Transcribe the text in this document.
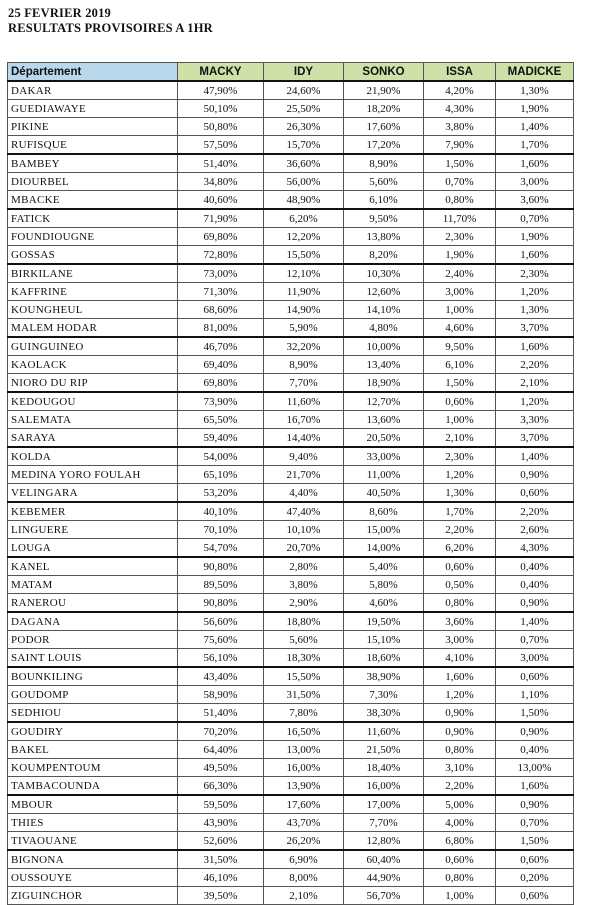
25 FEVRIER 2019
RESULTATS PROVISOIRES A 1HR
Département	MACKY	IDY	SONKO	ISSA	MADICKE
DAKAR	47,90%	24,60%	21,90%	4,20%	1,30%
GUEDIAWAYE	50,10%	25,50%	18,20%	4,30%	1,90%
PIKINE	50,80%	26,30%	17,60%	3,80%	1,40%
RUFISQUE	57,50%	15,70%	17,20%	7,90%	1,70%
BAMBEY	51,40%	36,60%	8,90%	1,50%	1,60%
DIOURBEL	34,80%	56,00%	5,60%	0,70%	3,00%
MBACKE	40,60%	48,90%	6,10%	0,80%	3,60%
FATICK	71,90%	6,20%	9,50%	11,70%	0,70%
FOUNDIOUGNE	69,80%	12,20%	13,80%	2,30%	1,90%
GOSSAS	72,80%	15,50%	8,20%	1,90%	1,60%
BIRKILANE	73,00%	12,10%	10,30%	2,40%	2,30%
KAFFRINE	71,30%	11,90%	12,60%	3,00%	1,20%
KOUNGHEUL	68,60%	14,90%	14,10%	1,00%	1,30%
MALEM HODAR	81,00%	5,90%	4,80%	4,60%	3,70%
GUINGUINEO	46,70%	32,20%	10,00%	9,50%	1,60%
KAOLACK	69,40%	8,90%	13,40%	6,10%	2,20%
NIORO DU RIP	69,80%	7,70%	18,90%	1,50%	2,10%
KEDOUGOU	73,90%	11,60%	12,70%	0,60%	1,20%
SALEMATA	65,50%	16,70%	13,60%	1,00%	3,30%
SARAYA	59,40%	14,40%	20,50%	2,10%	3,70%
KOLDA	54,00%	9,40%	33,00%	2,30%	1,40%
MEDINA YORO FOULAH	65,10%	21,70%	11,00%	1,20%	0,90%
VELINGARA	53,20%	4,40%	40,50%	1,30%	0,60%
KEBEMER	40,10%	47,40%	8,60%	1,70%	2,20%
LINGUERE	70,10%	10,10%	15,00%	2,20%	2,60%
LOUGA	54,70%	20,70%	14,00%	6,20%	4,30%
KANEL	90,80%	2,80%	5,40%	0,60%	0,40%
MATAM	89,50%	3,80%	5,80%	0,50%	0,40%
RANEROU	90,80%	2,90%	4,60%	0,80%	0,90%
DAGANA	56,60%	18,80%	19,50%	3,60%	1,40%
PODOR	75,60%	5,60%	15,10%	3,00%	0,70%
SAINT LOUIS	56,10%	18,30%	18,60%	4,10%	3,00%
BOUNKILING	43,40%	15,50%	38,90%	1,60%	0,60%
GOUDOMP	58,90%	31,50%	7,30%	1,20%	1,10%
SEDHIOU	51,40%	7,80%	38,30%	0,90%	1,50%
GOUDIRY	70,20%	16,50%	11,60%	0,90%	0,90%
BAKEL	64,40%	13,00%	21,50%	0,80%	0,40%
KOUMPENTOUM	49,50%	16,00%	18,40%	3,10%	13,00%
TAMBACOUNDA	66,30%	13,90%	16,00%	2,20%	1,60%
MBOUR	59,50%	17,60%	17,00%	5,00%	0,90%
THIES	43,90%	43,70%	7,70%	4,00%	0,70%
TIVAOUANE	52,60%	26,20%	12,80%	6,80%	1,50%
BIGNONA	31,50%	6,90%	60,40%	0,60%	0,60%
OUSSOUYE	46,10%	8,00%	44,90%	0,80%	0,20%
ZIGUINCHOR	39,50%	2,10%	56,70%	1,00%	0,60%
